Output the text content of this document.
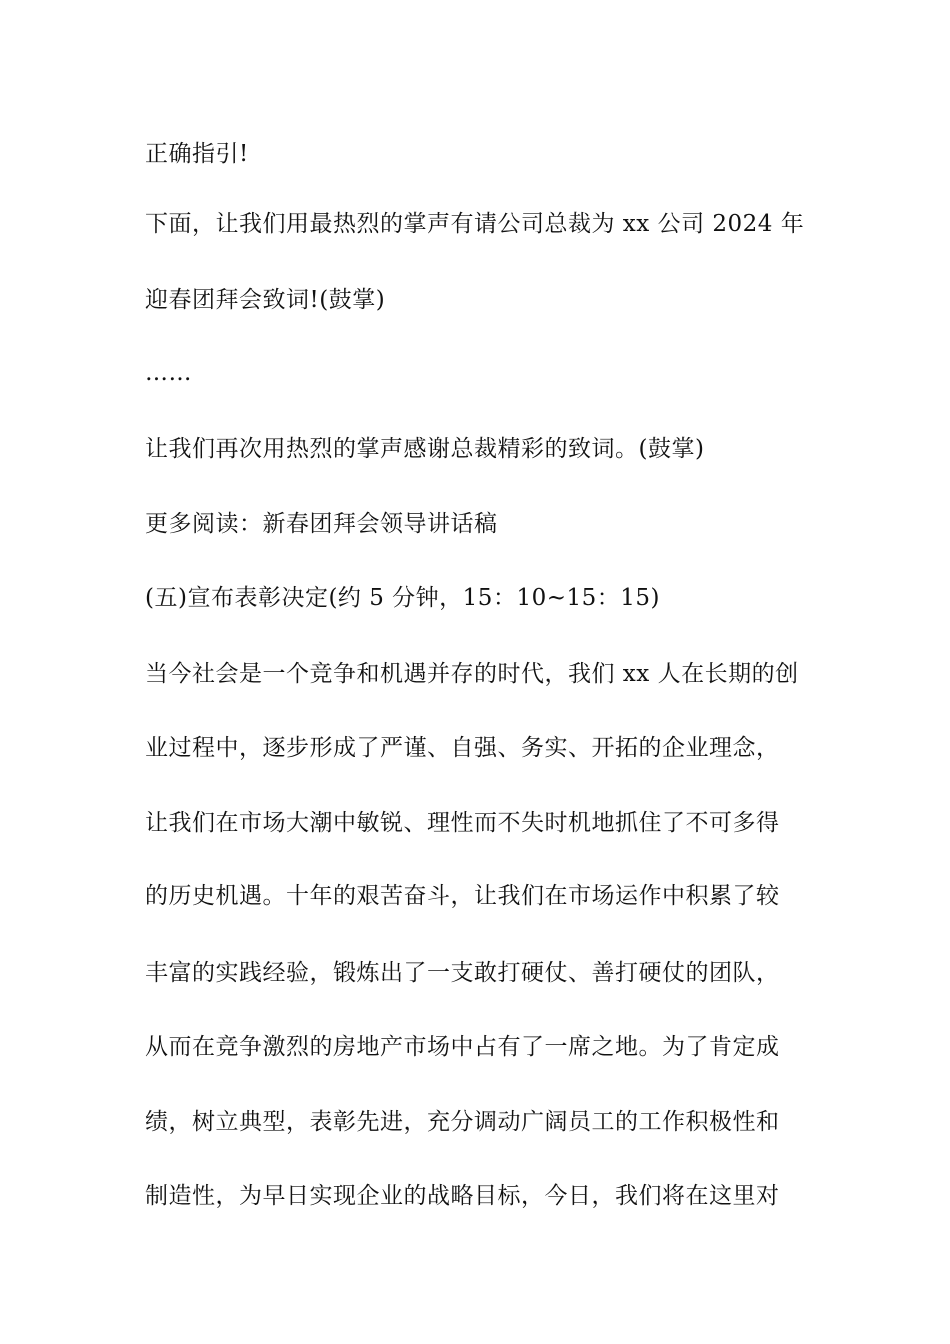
正确指引!
下面，让我们用最热烈的掌声有请公司总裁为 xx 公司 2024 年
迎春团拜会致词!(鼓掌)
……
让我们再次用热烈的掌声感谢总裁精彩的致词。(鼓掌)
更多阅读：新春团拜会领导讲话稿
(五)宣布表彰决定(约 5 分钟，15：10~15：15)
当今社会是一个竞争和机遇并存的时代，我们 xx 人在长期的创
业过程中，逐步形成了严谨、自强、务实、开拓的企业理念，
让我们在市场大潮中敏锐、理性而不失时机地抓住了不可多得
的历史机遇。十年的艰苦奋斗，让我们在市场运作中积累了较
丰富的实践经验，锻炼出了一支敢打硬仗、善打硬仗的团队，
从而在竞争激烈的房地产市场中占有了一席之地。为了肯定成
绩，树立典型，表彰先进，充分调动广阔员工的工作积极性和
制造性，为早日实现企业的战略目标，今日，我们将在这里对
